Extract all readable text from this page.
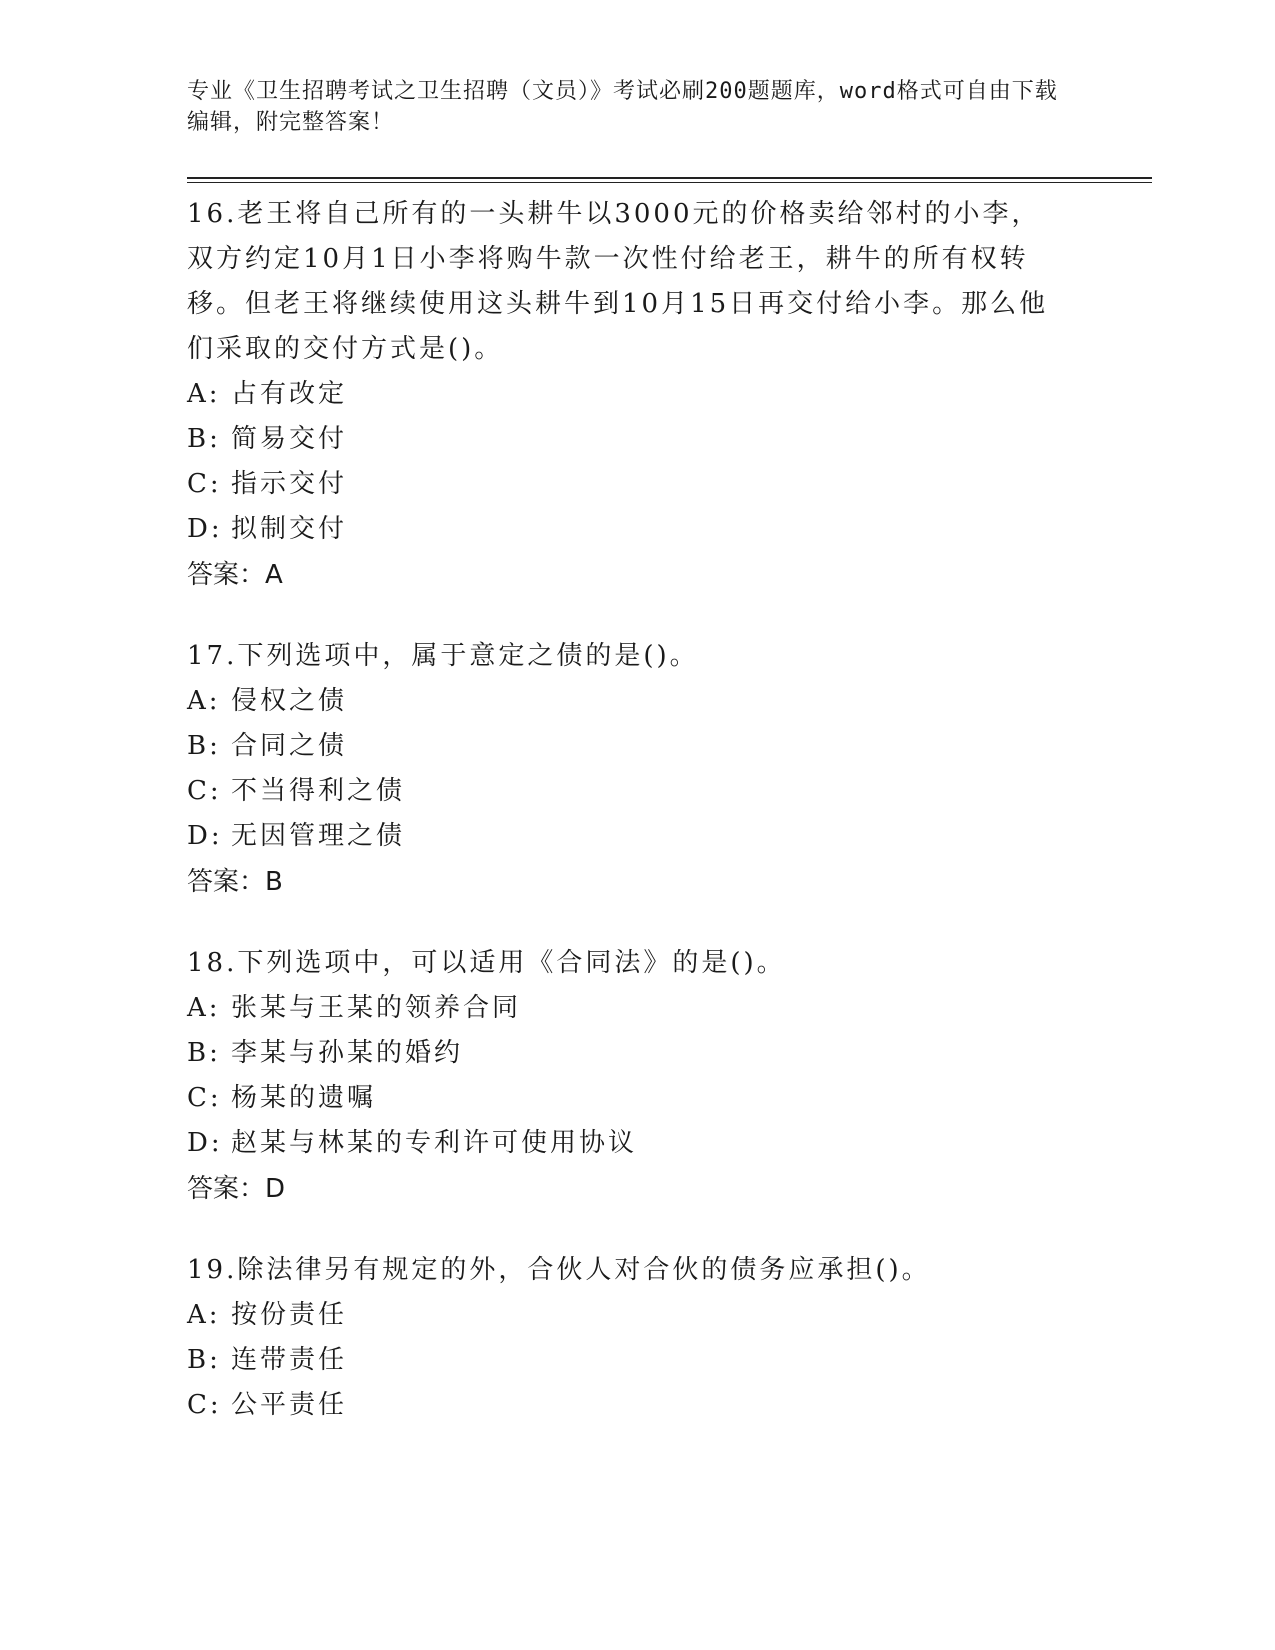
专业《卫生招聘考试之卫生招聘（文员）》考试必刷200题题库，word格式可自由下载编辑，附完整答案！

16.老王将自己所有的一头耕牛以3000元的价格卖给邻村的小李，双方约定10月1日小李将购牛款一次性付给老王，耕牛的所有权转移。但老王将继续使用这头耕牛到10月15日再交付给小李。那么他们采取的交付方式是()。

A: 占有改定

B: 简易交付

C: 指示交付

D: 拟制交付

答案：A

17.下列选项中，属于意定之债的是()。

A: 侵权之债

B: 合同之债

C: 不当得利之债

D: 无因管理之债

答案：B

18.下列选项中，可以适用《合同法》的是()。

A: 张某与王某的领养合同

B: 李某与孙某的婚约

C: 杨某的遗嘱

D: 赵某与林某的专利许可使用协议

答案：D

19.除法律另有规定的外，合伙人对合伙的债务应承担()。

A: 按份责任

B: 连带责任

C: 公平责任
